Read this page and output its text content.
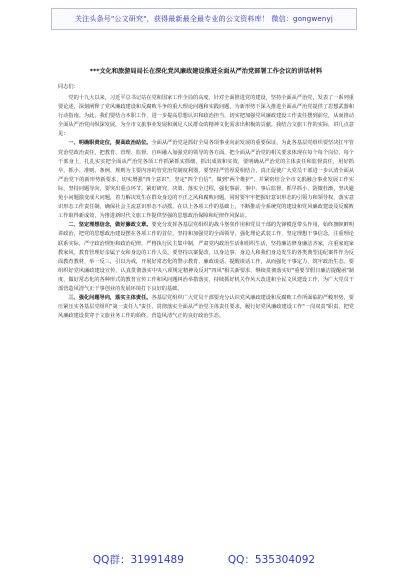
关注头条号"公文研究"，获得最新最全最专业的公文资料库！ 微信：gongwenyj
***文化和旅游局局长在深化党风廉政建设推进全面从严治党部署工作会议的讲话材料
同志们：

党的十九大以来，习近平总书记站在党和国家工作全局的高度，针对全面推进党的建设，坚持全面从严治党，发表了一系列重要论述，深刻阐释了党风廉政建设和反腐败斗争的重大理论问题和实践问题，为新形势下深入推进全面从严治党提供了思想武器和行动指南。为此，我们要结合本职工作，进一步提高思想认识和政治担当，切实把加强党风廉政建设工作责任摆到前位，从而推动全面从严治党向纵深发展，为全市文旅事业发展和满足人民群众的精神文化需求出积极的贡献。我结合文旅工作的实际，讲几点意见：

一、明确职责定位，提高政治站位。全面从严治党是抓好全局各项事业向前发展的重要保证，为此各基层党组织要坚决扛牢管党治党政治责任，把教育、管理、监督、自纠融入加强党的领导的各方面，把全面从严治党的相关要求体现在每个每个岗位、每个干部身上，扎扎实实把全面从严治党各项工作抓紧抓实抓细，抓出成效和实效，要明确从严治党的主体责任和监督责任，用好抓早、抓小、准则、条例、规则为主要内容的管党治党制度利器，要坚持严管厚爱相结合，真正促使广大党员干部进一步认清全面从严治党下的新形势新要求，切实增强"四个意识"，坚定"四个自信"，做到"两个维护"，并紧密结合全市文旅融合事业发展工作实际，坚持问题导向，要突出重点环节，紧盯研究、决策、落实全过程，强化事前、事中、事后监督，抓早抓小、防微杜渐，坚决避免小问题演变成大问题，着力解决发生在群众身边的不正之风和腐败问题，同时要牢牢把握好意识形态的引领力和领导权，落实意识形态工作责任制，确保社会主流意识形态不动摇。在以上各项工作的基础上，不断推动全系统党的建设和党风廉政建设及反腐败工作取得新成效，为推进新时代文旅工作提供坚强的思想政治保障和纪律作风保证。

二、坚定理想信念，做好廉政文章。要充分发挥各基层党组织的战斗堡垒作用和党员干部的先锋模范带头作用，始终旗帜鲜明讲政治，把党的思想政治建设摆在各项工作的首位，坚持和加强党的全面领导，强化理论武装工作，坚定理想干事信念，注重理论联系实际，严守政治规矩和政治纪律，严格执行民主集中制，严肃党内政治生活和组织生活，坚持廉洁修身廉洁齐家，注重家庭家教家风，教育管理好亲属子女和身边的工作人员。要坚持以案促改，以身边事、身边人和我们身边发生的各类典型违纪案件作为反面教育教材，举一反三，引以为戒，开展好常态化的警示教育、廉政谈话、提醒谈话工作，从而强化干事定力，筑牢政治生态。要组织好党风廉政建设宣传，认真贯彻落实中央八项规定精神及反对"四风"相关新要求，继续贯彻落实好"重要节假日廉洁提醒函"制度，做好常态化的各种形式的教育宣传工作和风问题纠治举措落实，持续抓好机关作风大改进和全民文风建设工作，为广大党员干部营造风清气正干事创业的发展环境打下良好的基础。

三、强化问题导向，落实主体责任。各基层党组织广大党员干部要充分认识党风廉政建设和反腐败工作所面临的严峻形势，要压紧压实各基层党组织"第一责任人"责任，贯彻落实全面从严治党主体责任要求，履行好党风廉政建设工作"一岗双责"职责，把党风廉政建设贯穿于文旅业务工作的始终，营造风清气正的良好政治生态。

QQ群：31991489	QQ：535304092
